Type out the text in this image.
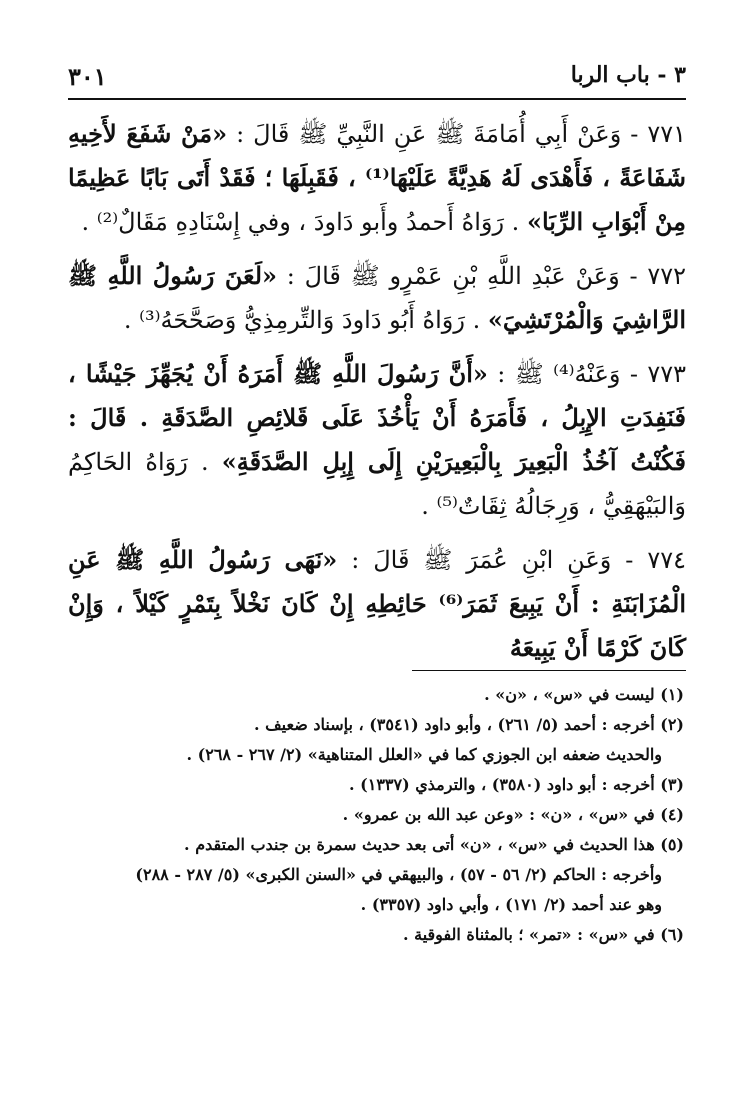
٣ - باب الربا
٣٠١

٧٧١ - وَعَنْ أَبِي أُمَامَةَ ﷺ عَنِ النَّبِيِّ ﷺ قَالَ : «مَنْ شَفَعَ لأَخِيهِ شَفَاعَةً ، فَأَهْدَى لَهُ هَدِيَّةً عَلَيْهَا⁽¹⁾ ، فَقَبِلَهَا ؛ فَقَدْ أَتَى بَابًا عَظِيمًا مِنْ أَبْوَابِ الرِّبَا» . رَوَاهُ أَحمدُ وأَبو دَاودَ ، وفي إِسْنَادِهِ مَقَالٌ⁽²⁾ .

٧٧٢ - وَعَنْ عَبْدِ اللَّهِ بْنِ عَمْرٍو ﷺ قَالَ : «لَعَنَ رَسُولُ اللَّهِ ﷺ الرَّاشِيَ وَالْمُرْتَشِيَ» . رَوَاهُ أَبُو دَاودَ وَالتِّرمِذِيُّ وَصَحَّحَهُ⁽³⁾ .

٧٧٣ - وَعَنْهُ⁽⁴⁾ ﷺ : «أَنَّ رَسُولَ اللَّهِ ﷺ أَمَرَهُ أَنْ يُجَهِّزَ جَيْشًا ، فَنَفِدَتِ الإِبِلُ ، فَأَمَرَهُ أَنْ يَأْخُذَ عَلَى قَلائِصِ الصَّدَقَةِ . قَالَ : فَكُنْتُ آخُذُ الْبَعِيرَ بِالْبَعِيرَيْنِ إِلَى إِبِلِ الصَّدَقَةِ» . رَوَاهُ الحَاكِمُ وَالبَيْهَقِيُّ ، وَرِجَالُهُ ثِقَاتٌ⁽⁵⁾ .

٧٧٤ - وَعَنِ ابْنِ عُمَرَ ﷺ قَالَ : «نَهَى رَسُولُ اللَّهِ ﷺ عَنِ الْمُزَابَنَةِ : أَنْ يَبِيعَ ثَمَرَ⁽⁶⁾ حَائِطِهِ إِنْ كَانَ نَخْلاً بِتَمْرٍ كَيْلاً ، وَإِنْ كَانَ كَرْمًا أَنْ يَبِيعَهُ

(١) ليست في «س» ، «ن» .
(٢) أخرجه : أحمد (٥/ ٢٦١) ، وأبو داود (٣٥٤١) ، بإسناد ضعيف .
والحديث ضعفه ابن الجوزي كما في «العلل المتناهية» (٢/ ٢٦٧ - ٢٦٨) .
(٣) أخرجه : أبو داود (٣٥٨٠) ، والترمذي (١٣٣٧) .
(٤) في «س» ، «ن» : «وعن عبد الله بن عمرو» .
(٥) هذا الحديث في «س» ، «ن» أتى بعد حديث سمرة بن جندب المتقدم .
وأخرجه : الحاكم (٢/ ٥٦ - ٥٧) ، والبيهقي في «السنن الكبرى» (٥/ ٢٨٧ - ٢٨٨)
وهو عند أحمد (٢/ ١٧١) ، وأبي داود (٣٣٥٧) .
(٦) في «س» : «تمر» ؛ بالمثناة الفوقية .
